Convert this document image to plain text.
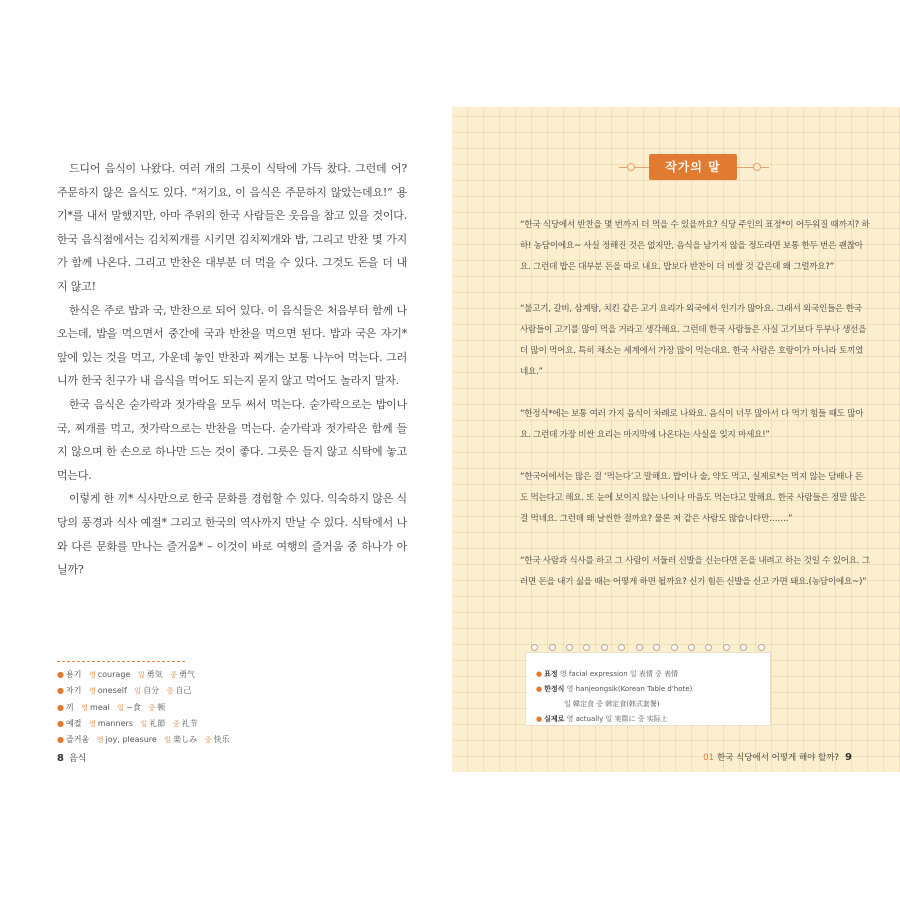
드디어 음식이 나왔다. 여러 개의 그릇이 식탁에 가득 찼다. 그런데 어? 주문하지 않은 음식도 있다. “저기요, 이 음식은 주문하지 않았는데요!” 용기*를 내서 말했지만, 아마 주위의 한국 사람들은 웃음을 참고 있을 것이다. 한국 음식점에서는 김치찌개를 시키면 김치찌개와 밥, 그리고 반찬 몇 가지가 함께 나온다. 그리고 반찬은 대부분 더 먹을 수 있다. 그것도 돈을 더 내지 않고!

한식은 주로 밥과 국, 반찬으로 되어 있다. 이 음식들은 처음부터 함께 나오는데, 밥을 먹으면서 중간에 국과 반찬을 먹으면 된다. 밥과 국은 자기* 앞에 있는 것을 먹고, 가운데 놓인 반찬과 찌개는 보통 나누어 먹는다. 그러니까 한국 친구가 내 음식을 먹어도 되는지 묻지 않고 먹어도 놀라지 말자.

한국 음식은 숟가락과 젓가락을 모두 써서 먹는다. 숟가락으로는 밥이나 국, 찌개를 먹고, 젓가락으로는 반찬을 먹는다. 숟가락과 젓가락은 함께 들지 않으며 한 손으로 하나만 드는 것이 좋다. 그릇은 들지 않고 식탁에 놓고 먹는다.

이렇게 한 끼* 식사만으로 한국 문화를 경험할 수 있다. 익숙하지 않은 식당의 풍경과 식사 예절* 그리고 한국의 역사까지 만날 수 있다. 식탁에서 나와 다른 문화를 만나는 즐거움* – 이것이 바로 여행의 즐거움 중 하나가 아닐까?

● 용기 영 courage 일 勇気 중 勇气
● 자기 영 oneself 일 自分 중 自己
● 끼 영 meal 일 ~食 중 顿
● 예절 영 manners 일 礼節 중 礼节
● 즐거움 영 joy, pleasure 일 楽しみ 중 快乐
8 음식
작가의 말

“한국 식당에서 반찬을 몇 번까지 더 먹을 수 있을까요? 식당 주인의 표정*이 어두워질 때까지? 하하! 농담이에요~ 사실 정해진 것은 없지만, 음식을 남기지 않을 정도라면 보통 한두 번은 괜찮아요. 그런데 밥은 대부분 돈을 따로 내요. 밥보다 반찬이 더 비쌀 것 같은데 왜 그럴까요?”

“불고기, 갈비, 삼계탕, 치킨 같은 고기 요리가 외국에서 인기가 많아요. 그래서 외국인들은 한국 사람들이 고기를 많이 먹을 거라고 생각해요. 그런데 한국 사람들은 사실 고기보다 두부나 생선을 더 많이 먹어요. 특히 채소는 세계에서 가장 많이 먹는대요. 한국 사람은 호랑이가 아니라 토끼였네요.”

“한정식*에는 보통 여러 가지 음식이 차례로 나와요. 음식이 너무 많아서 다 먹기 힘들 때도 많아요. 그런데 가장 비싼 요리는 마지막에 나온다는 사실을 잊지 마세요!”

“한국어에서는 많은 걸 ‘먹는다’고 말해요. 밥이나 술, 약도 먹고, 실제로*는 먹지 않는 담배나 돈도 먹는다고 해요. 또 눈에 보이지 않는 나이나 마음도 먹는다고 말해요. 한국 사람들은 정말 많은 걸 먹네요. 그런데 왜 날씬한 걸까요? 물론 저 같은 사람도 많습니다만…….”

“한국 사람과 식사를 하고 그 사람이 서둘러 신발을 신는다면 돈을 내려고 하는 것일 수 있어요. 그러면 돈을 내기 싫을 때는 어떻게 하면 될까요? 신기 힘든 신발을 신고 가면 돼요.(농담이에요~)”

● 표정 영 facial expression 일 表情 중 表情
● 한정식 영 hanjeongsik(Korean Table d'hote)
일 韓定食 중 韩定食(韩式套餐)
● 실제로 영 actually 일 実際に 중 实际上
01 한국 식당에서 어떻게 해야 할까? 9
